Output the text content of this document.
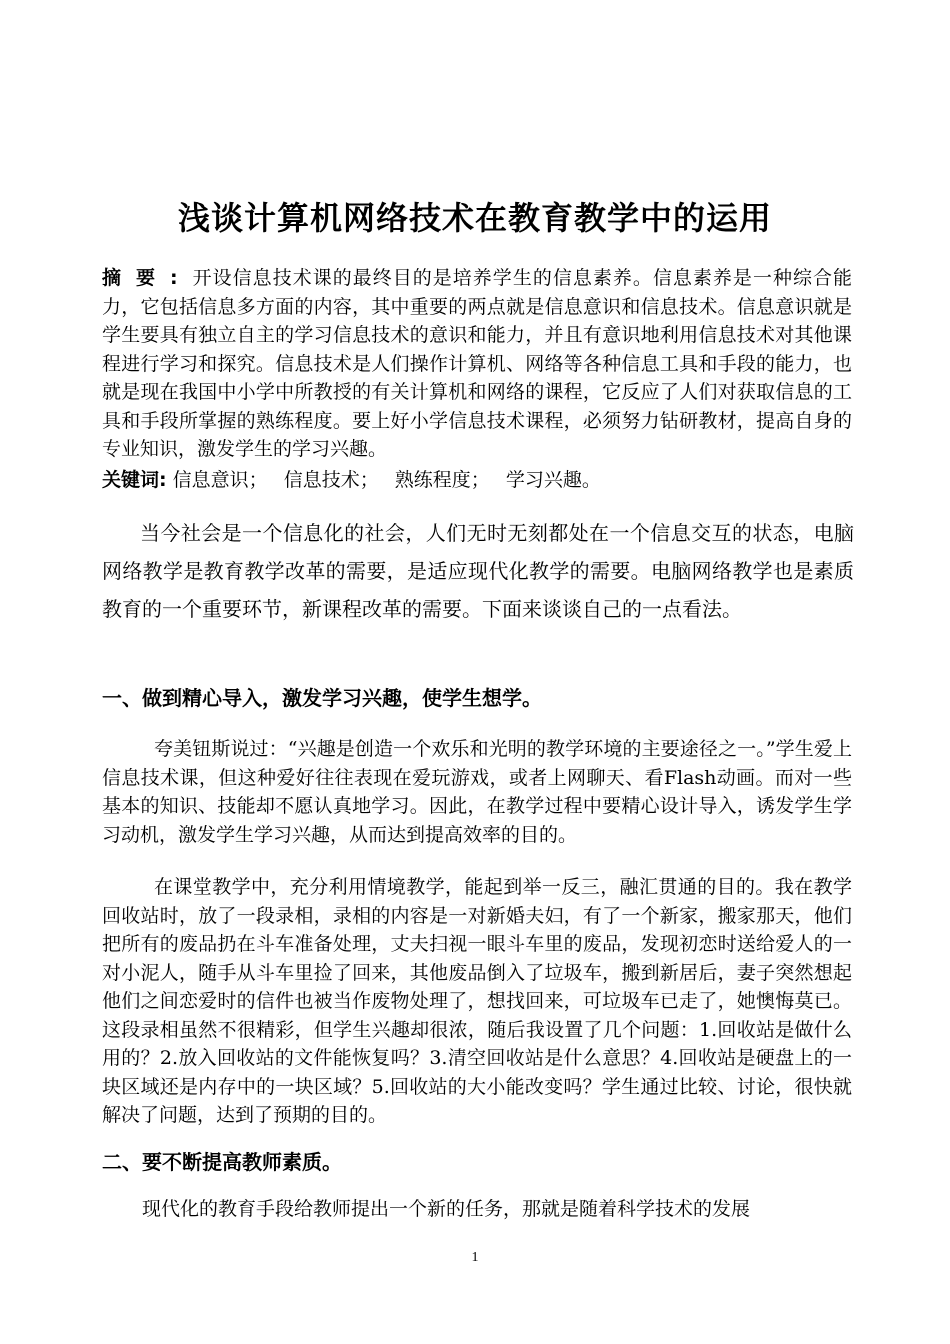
浅谈计算机网络技术在教育教学中的运用
摘要: 开设信息技术课的最终目的是培养学生的信息素养。信息素养是一种综合能力，它包括信息多方面的内容，其中重要的两点就是信息意识和信息技术。信息意识就是学生要具有独立自主的学习信息技术的意识和能力，并且有意识地利用信息技术对其他课程进行学习和探究。信息技术是人们操作计算机、网络等各种信息工具和手段的能力，也就是现在我国中小学中所教授的有关计算机和网络的课程，它反应了人们对获取信息的工具和手段所掌握的熟练程度。要上好小学信息技术课程，必须努力钻研教材，提高自身的专业知识，激发学生的学习兴趣。
关键词: 信息意识； 信息技术； 熟练程度； 学习兴趣。
当今社会是一个信息化的社会，人们无时无刻都处在一个信息交互的状态，电脑网络教学是教育教学改革的需要，是适应现代化教学的需要。电脑网络教学也是素质教育的一个重要环节，新课程改革的需要。下面来谈谈自己的一点看法。
一、做到精心导入，激发学习兴趣，使学生想学。
夸美钮斯说过：“兴趣是创造一个欢乐和光明的教学环境的主要途径之一。”学生爱上信息技术课，但这种爱好往往表现在爱玩游戏，或者上网聊天、看Flash动画。而对一些基本的知识、技能却不愿认真地学习。因此，在教学过程中要精心设计导入，诱发学生学习动机，激发学生学习兴趣，从而达到提高效率的目的。
在课堂教学中，充分利用情境教学，能起到举一反三，融汇贯通的目的。我在教学回收站时，放了一段录相，录相的内容是一对新婚夫妇，有了一个新家，搬家那天，他们把所有的废品扔在斗车准备处理，丈夫扫视一眼斗车里的废品，发现初恋时送给爱人的一对小泥人，随手从斗车里捡了回来，其他废品倒入了垃圾车，搬到新居后，妻子突然想起他们之间恋爱时的信件也被当作废物处理了，想找回来，可垃圾车已走了，她懊悔莫已。这段录相虽然不很精彩，但学生兴趣却很浓，随后我设置了几个问题：1.回收站是做什么用的？2.放入回收站的文件能恢复吗？3.清空回收站是什么意思？4.回收站是硬盘上的一块区域还是内存中的一块区域？5.回收站的大小能改变吗？学生通过比较、讨论，很快就解决了问题，达到了预期的目的。
二、要不断提高教师素质。
现代化的教育手段给教师提出一个新的任务，那就是随着科学技术的发展
1
